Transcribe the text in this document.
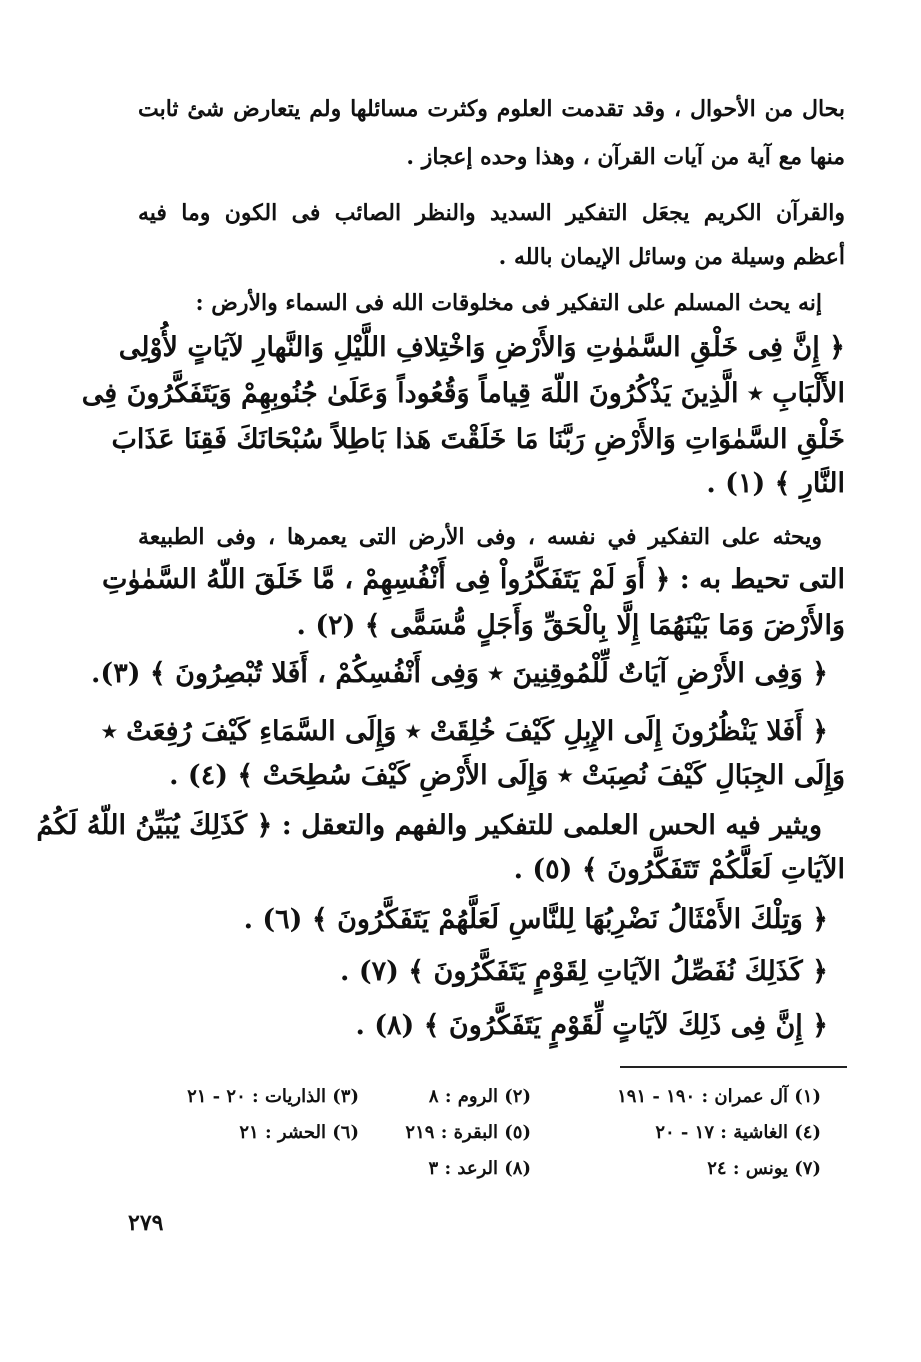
بحال من الأحوال ، وقد تقدمت العلوم وكثرت مسائلها ولم يتعارض شئ ثابت
منها مع آية من آيات القرآن ، وهذا وحده إعجاز .
والقرآن الكريم يجعَل التفكير السديد والنظر الصائب فى الكون وما فيه
أعظم وسيلة من وسائل الإيمان بالله .
إنه يحث المسلم على التفكير فى مخلوقات الله فى السماء والأرض :
﴿ إِنَّ فِى خَلْقِ السَّمٰوٰتِ وَالأَرْضِ وَاخْتِلافِ اللَّيْلِ وَالنَّهارِ لآيَاتٍ لأُوْلِى
الأَلْبَابِ ٭ الَّذِينَ يَذْكُرُونَ اللّهَ قِياماً وَقُعُوداً وَعَلَىٰ جُنُوبِهِمْ وَيَتَفَكَّرُونَ فِى
خَلْقِ السَّمٰوَاتِ وَالأَرْضِ رَبَّنَا مَا خَلَقْتَ هَذا بَاطِلاً سُبْحَانَكَ فَقِنَا عَذَابَ
النَّارِ ﴾ (١) .
ويحثه على التفكير في نفسه ، وفى الأرض التى يعمرها ، وفى الطبيعة
التى تحيط به : ﴿ أَوَ لَمْ يَتَفَكَّرُواْ فِى أَنْفُسِهِمْ ، مَّا خَلَقَ اللّهُ السَّمٰوٰتِ
وَالأَرْضَ وَمَا بَيْنَهُمَا إِلَّا بِالْحَقِّ وَأَجَلٍ مُّسَمًّى ﴾ (٢) .
﴿ وَفِى الأَرْضِ آيَاتٌ لِّلْمُوقِنِينَ ٭ وَفِى أَنْفُسِكُمْ ، أَفَلا تُبْصِرُونَ ﴾ (٣).
﴿ أَفَلا يَنْظُرُونَ إِلَى الإِبِلِ كَيْفَ خُلِقَتْ ٭ وَإِلَى السَّمَاءِ كَيْفَ رُفِعَتْ ٭
وَإِلَى الجِبَالِ كَيْفَ نُصِبَتْ ٭ وَإِلَى الأَرْضِ كَيْفَ سُطِحَتْ ﴾ (٤) .
ويثير فيه الحس العلمى للتفكير والفهم والتعقل : ﴿ كَذَلِكَ يُبَيِّنُ اللّهُ لَكُمُ
الآيَاتِ لَعَلَّكُمْ تَتَفَكَّرُونَ ﴾ (٥) .
﴿ وَتِلْكَ الأَمْثَالُ نَضْرِبُهَا لِلنَّاسِ لَعَلَّهُمْ يَتَفَكَّرُونَ ﴾ (٦) .
﴿ كَذَلِكَ نُفَصِّلُ الآيَاتِ لِقَوْمٍ يَتَفَكَّرُونَ ﴾ (٧) .
﴿ إِنَّ فِى ذَلِكَ لآيَاتٍ لِّقَوْمٍ يَتَفَكَّرُونَ ﴾ (٨) .
(١) آل عمران : ١٩٠ - ١٩١
(٢) الروم : ٨
(٣) الذاريات : ٢٠ - ٢١
(٤) الغاشية : ١٧ - ٢٠
(٥) البقرة : ٢١٩
(٦) الحشر : ٢١
(٧) يونس : ٢٤
(٨) الرعد : ٣
٢٧٩
